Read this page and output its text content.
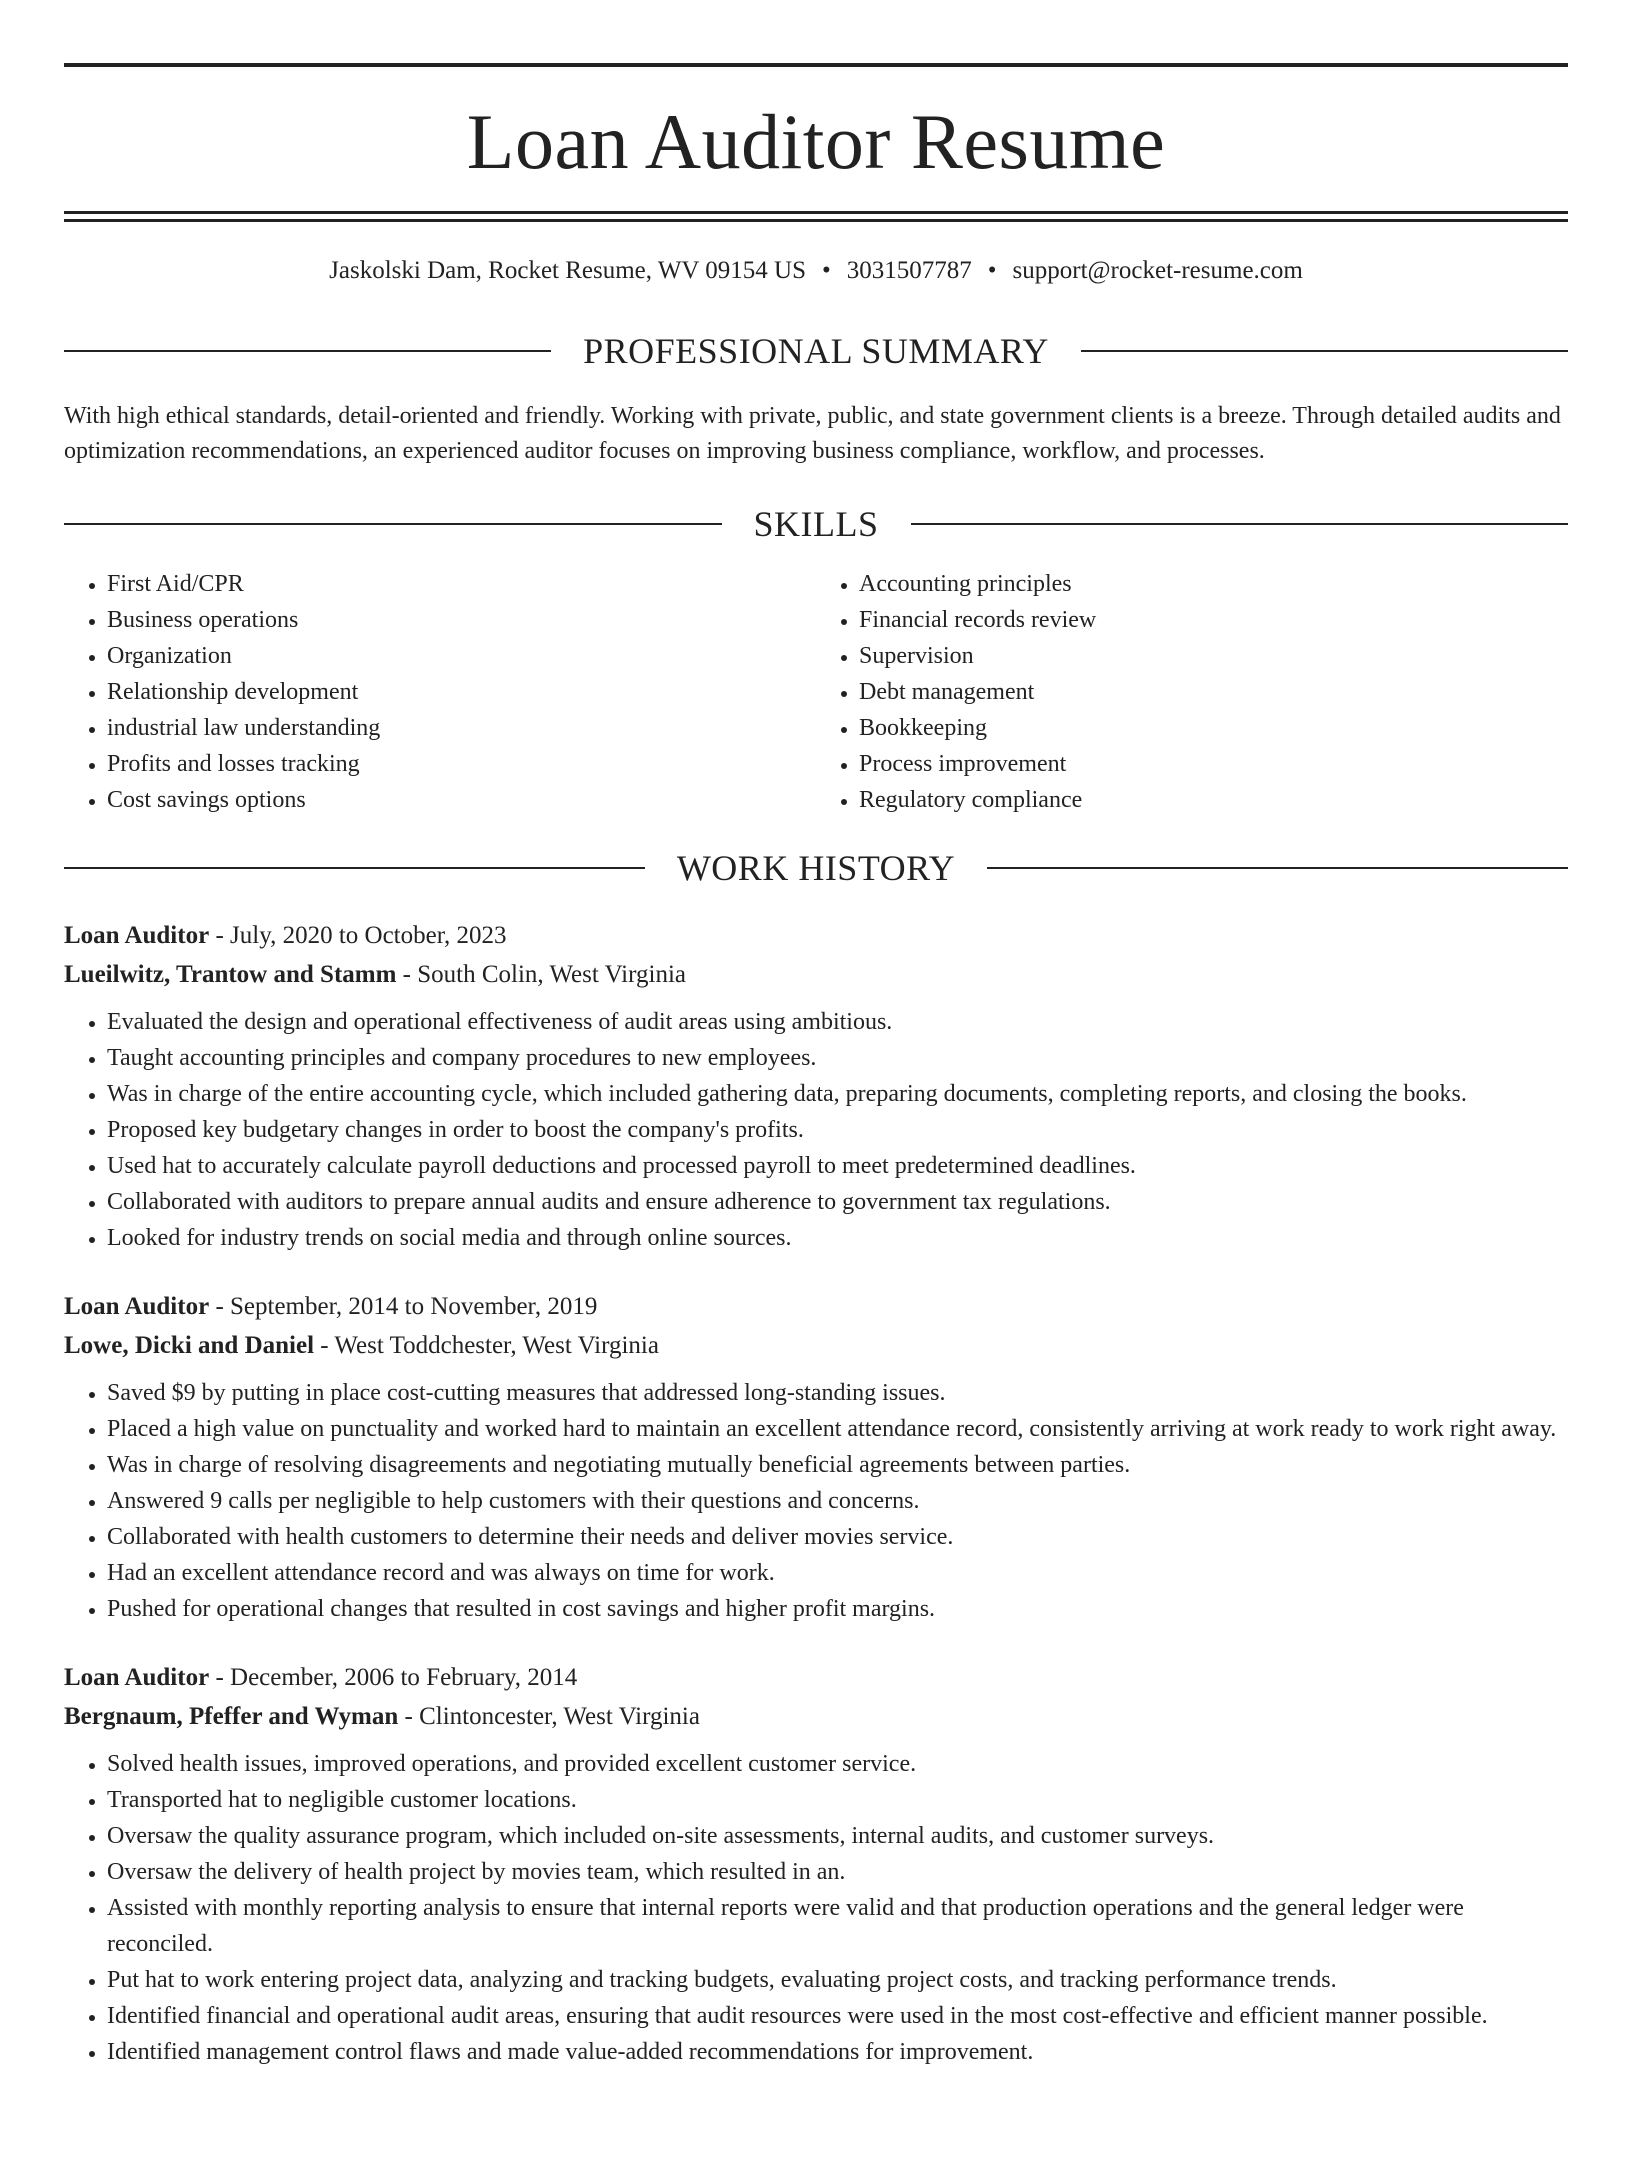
Loan Auditor Resume
Jaskolski Dam, Rocket Resume, WV 09154 US • 3031507787 • support@rocket-resume.com
PROFESSIONAL SUMMARY
With high ethical standards, detail-oriented and friendly. Working with private, public, and state government clients is a breeze. Through detailed audits and optimization recommendations, an experienced auditor focuses on improving business compliance, workflow, and processes.
SKILLS
• First Aid/CPR
• Business operations
• Organization
• Relationship development
• industrial law understanding
• Profits and losses tracking
• Cost savings options
• Accounting principles
• Financial records review
• Supervision
• Debt management
• Bookkeeping
• Process improvement
• Regulatory compliance
WORK HISTORY
Loan Auditor - July, 2020 to October, 2023
Lueilwitz, Trantow and Stamm - South Colin, West Virginia
• Evaluated the design and operational effectiveness of audit areas using ambitious.
• Taught accounting principles and company procedures to new employees.
• Was in charge of the entire accounting cycle, which included gathering data, preparing documents, completing reports, and closing the books.
• Proposed key budgetary changes in order to boost the company's profits.
• Used hat to accurately calculate payroll deductions and processed payroll to meet predetermined deadlines.
• Collaborated with auditors to prepare annual audits and ensure adherence to government tax regulations.
• Looked for industry trends on social media and through online sources.
Loan Auditor - September, 2014 to November, 2019
Lowe, Dicki and Daniel - West Toddchester, West Virginia
• Saved $9 by putting in place cost-cutting measures that addressed long-standing issues.
• Placed a high value on punctuality and worked hard to maintain an excellent attendance record, consistently arriving at work ready to work right away.
• Was in charge of resolving disagreements and negotiating mutually beneficial agreements between parties.
• Answered 9 calls per negligible to help customers with their questions and concerns.
• Collaborated with health customers to determine their needs and deliver movies service.
• Had an excellent attendance record and was always on time for work.
• Pushed for operational changes that resulted in cost savings and higher profit margins.
Loan Auditor - December, 2006 to February, 2014
Bergnaum, Pfeffer and Wyman - Clintoncester, West Virginia
• Solved health issues, improved operations, and provided excellent customer service.
• Transported hat to negligible customer locations.
• Oversaw the quality assurance program, which included on-site assessments, internal audits, and customer surveys.
• Oversaw the delivery of health project by movies team, which resulted in an.
• Assisted with monthly reporting analysis to ensure that internal reports were valid and that production operations and the general ledger were reconciled.
• Put hat to work entering project data, analyzing and tracking budgets, evaluating project costs, and tracking performance trends.
• Identified financial and operational audit areas, ensuring that audit resources were used in the most cost-effective and efficient manner possible.
• Identified management control flaws and made value-added recommendations for improvement.
